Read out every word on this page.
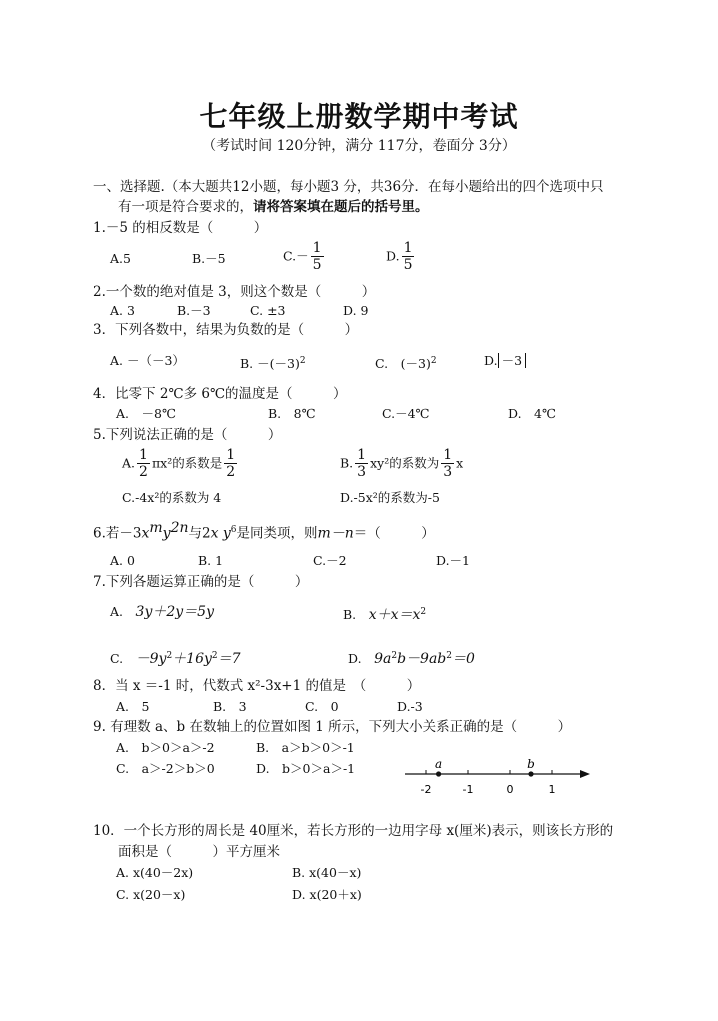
七年级上册数学期中考试
（考试时间 120分钟，满分 117分，卷面分 3分）
一、选择题.（本大题共12小题，每小题3 分，共36分．在每小题给出的四个选项中只
有一项是符合要求的，请将答案填在题后的括号里。
1.－5 的相反数是（　　　）
A.5	B.－5	$C.- \frac{1}{5}$	D. $\frac{1}{5}$
2.一个数的绝对值是 3，则这个数是（　　　）
A. 3	B.－3	C. ±3	D. 9
3．下列各数中，结果为负数的是（　　　）
A. －（－3）	B. $-(-3)^2$	C.　 $(-3)^2$	D. －3
4．比零下 2℃多 6℃的温度是（　　　）
A.　－8℃	B.　8℃	C.－4℃	D.　4℃
5.下列说法正确的是（　　　）
A. $\frac{1}{2} \pi x^2$的系数是 $\frac{1}{2}$	B. $\frac{1}{3} xy^2$的系数为 $\frac{1}{3}$ x
C.-4x²的系数为 4	D.-5x²的系数为-5
6.若$-3x^my^{2n}$与2x $y^6$是同类项，则m－n＝（　　　）
A. 0	B. 1	C.－2	D.－1
7.下列各题运算正确的是（　　　）
A.　 3y＋2y＝5y	B.　 $x+x=x^2$
C.　 $-9y^2+16y^2=7$	D.　 $9a^2b-9ab^2=0$
8．当 x ＝-1 时，代数式 x²-3x+1 的值是　（　　　）
A.　5	B.　3	C.　0	D.-3
9. 有理数 a、b 在数轴上的位置如图 1 所示，下列大小关系正确的是（　　　）
A.　b＞0＞a＞-2	B.　a＞b＞0＞-1
C.　a＞-2＞b＞0	D.　b＞0＞a＞-1
-2	-1	0	1
a	b
10．一个长方形的周长是 40厘米，若长方形的一边用字母 x(厘米)表示，则该长方形的
面积是（　　　）平方厘米
A. x(40－2x)	B. x(40－x)
C. x(20－x)	D. x(20＋x)
